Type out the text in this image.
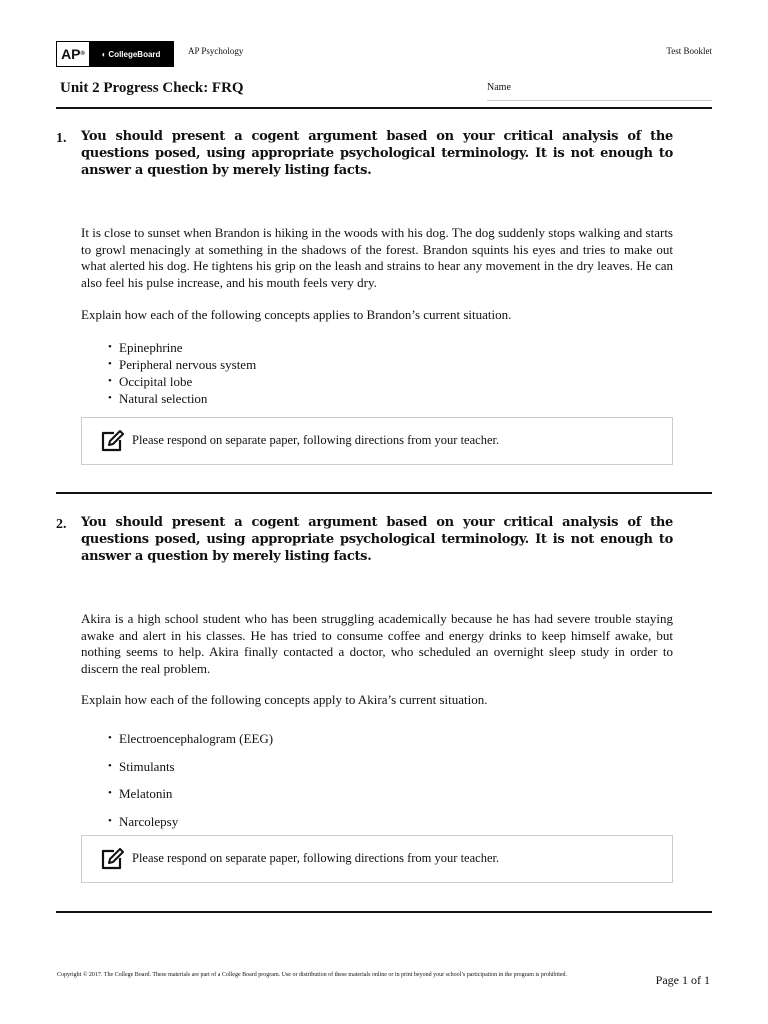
AP ® ◐ CollegeBoard	AP Psychology	Test Booklet
Unit 2 Progress Check: FRQ	Name
1. You should present a cogent argument based on your critical analysis of the questions posed, using appropriate psychological terminology. It is not enough to answer a question by merely listing facts.
It is close to sunset when Brandon is hiking in the woods with his dog. The dog suddenly stops walking and starts to growl menacingly at something in the shadows of the forest. Brandon squints his eyes and tries to make out what alerted his dog. He tightens his grip on the leash and strains to hear any movement in the dry leaves. He can also feel his pulse increase, and his mouth feels very dry.
Explain how each of the following concepts applies to Brandon’s current situation.
• Epinephrine
• Peripheral nervous system
• Occipital lobe
• Natural selection
Please respond on separate paper, following directions from your teacher.
2. You should present a cogent argument based on your critical analysis of the questions posed, using appropriate psychological terminology. It is not enough to answer a question by merely listing facts.
Akira is a high school student who has been struggling academically because he has had severe trouble staying awake and alert in his classes. He has tried to consume coffee and energy drinks to keep himself awake, but nothing seems to help. Akira finally contacted a doctor, who scheduled an overnight sleep study in order to discern the real problem.
Explain how each of the following concepts apply to Akira’s current situation.
• Electroencephalogram (EEG)
• Stimulants
• Melatonin
• Narcolepsy
Please respond on separate paper, following directions from your teacher.
Copyright © 2017. The College Board. These materials are part of a College Board program. Use or distribution of these materials online or in print beyond your school’s participation in the program is prohibited.	Page 1 of 1
